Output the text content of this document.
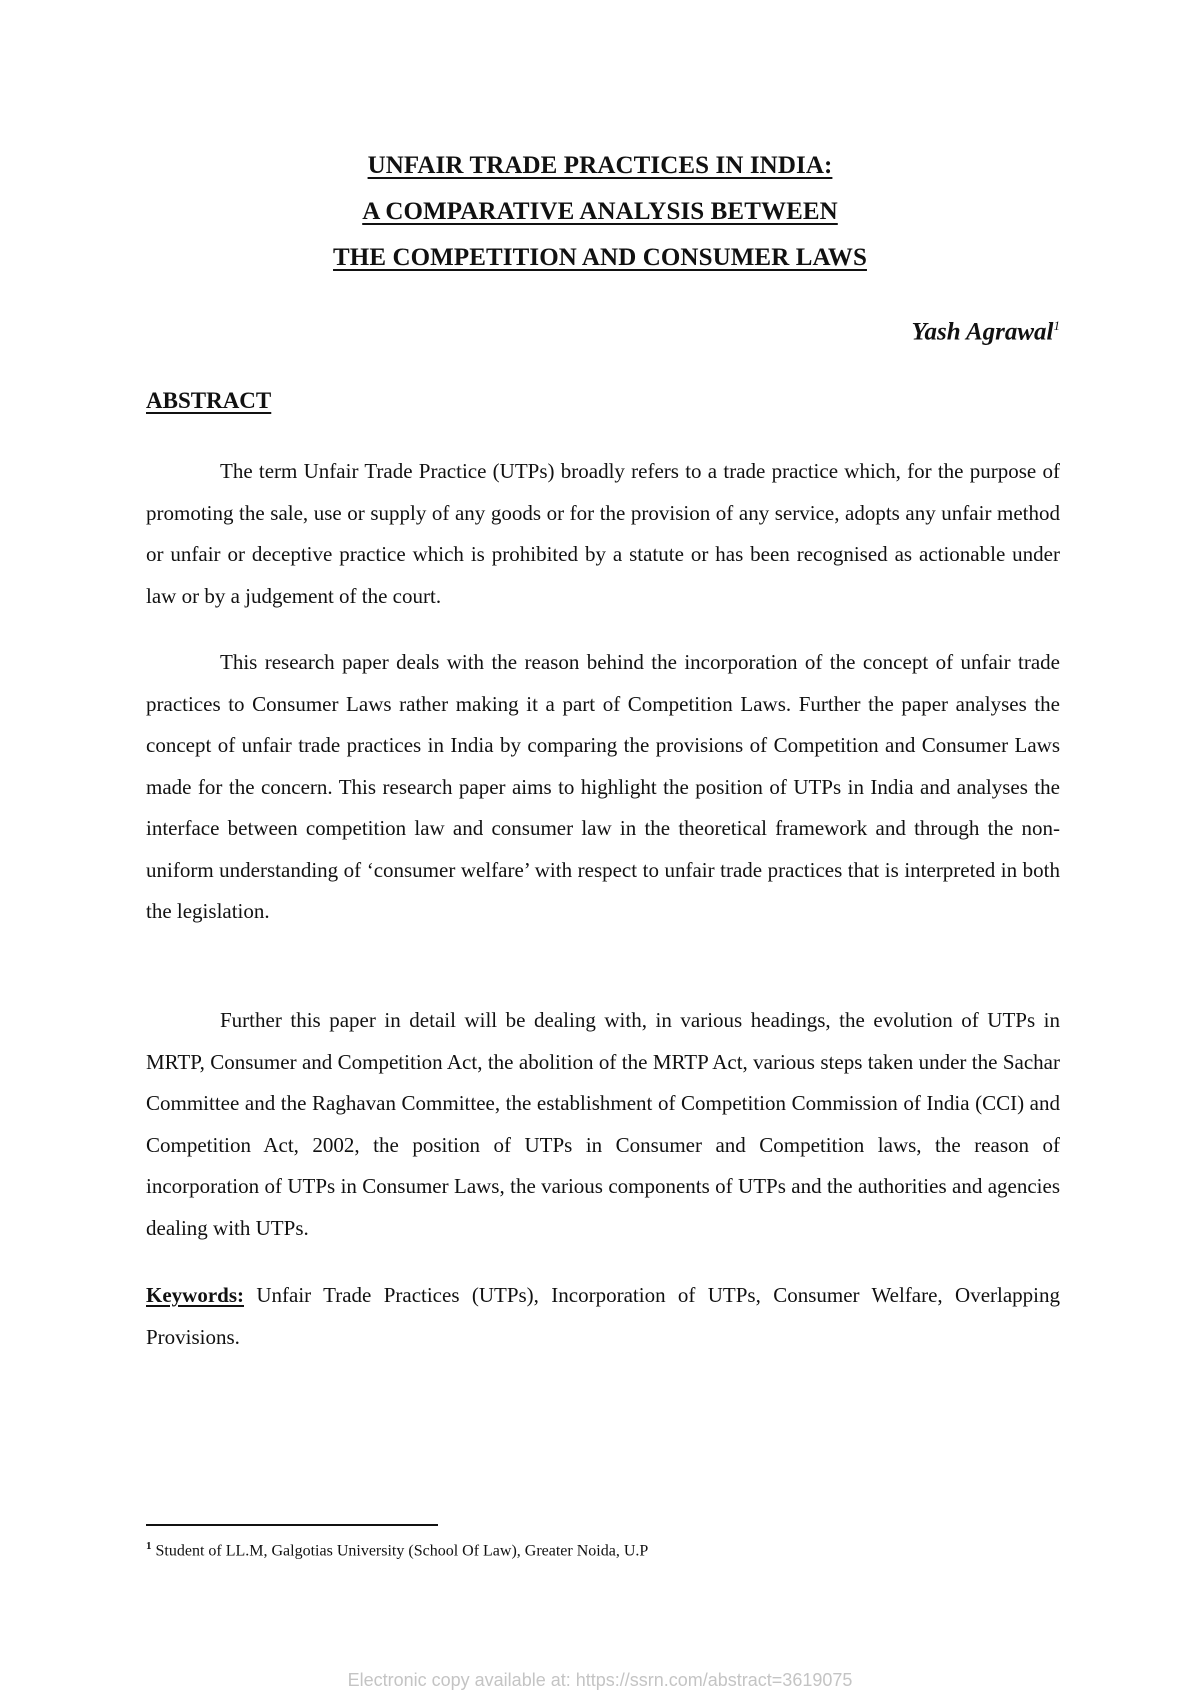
UNFAIR TRADE PRACTICES IN INDIA:
A COMPARATIVE ANALYSIS BETWEEN
THE COMPETITION AND CONSUMER LAWS
Yash Agrawal$^1$
ABSTRACT

The term Unfair Trade Practice (UTPs) broadly refers to a trade practice which, for the purpose of promoting the sale, use or supply of any goods or for the provision of any service, adopts any unfair method or unfair or deceptive practice which is prohibited by a statute or has been recognised as actionable under law or by a judgement of the court.

This research paper deals with the reason behind the incorporation of the concept of unfair trade practices to Consumer Laws rather making it a part of Competition Laws. Further the paper analyses the concept of unfair trade practices in India by comparing the provisions of Competition and Consumer Laws made for the concern. This research paper aims to highlight the position of UTPs in India and analyses the interface between competition law and consumer law in the theoretical framework and through the non-uniform understanding of ‘consumer welfare’ with respect to unfair trade practices that is interpreted in both the legislation.

Further this paper in detail will be dealing with, in various headings, the evolution of UTPs in MRTP, Consumer and Competition Act, the abolition of the MRTP Act, various steps taken under the Sachar Committee and the Raghavan Committee, the establishment of Competition Commission of India (CCI) and Competition Act, 2002, the position of UTPs in Consumer and Competition laws, the reason of incorporation of UTPs in Consumer Laws, the various components of UTPs and the authorities and agencies dealing with UTPs.

Keywords: Unfair Trade Practices (UTPs), Incorporation of UTPs, Consumer Welfare, Overlapping Provisions.

$^1$ Student of LL.M, Galgotias University (School Of Law), Greater Noida, U.P
Electronic copy available at: https://ssrn.com/abstract=3619075
